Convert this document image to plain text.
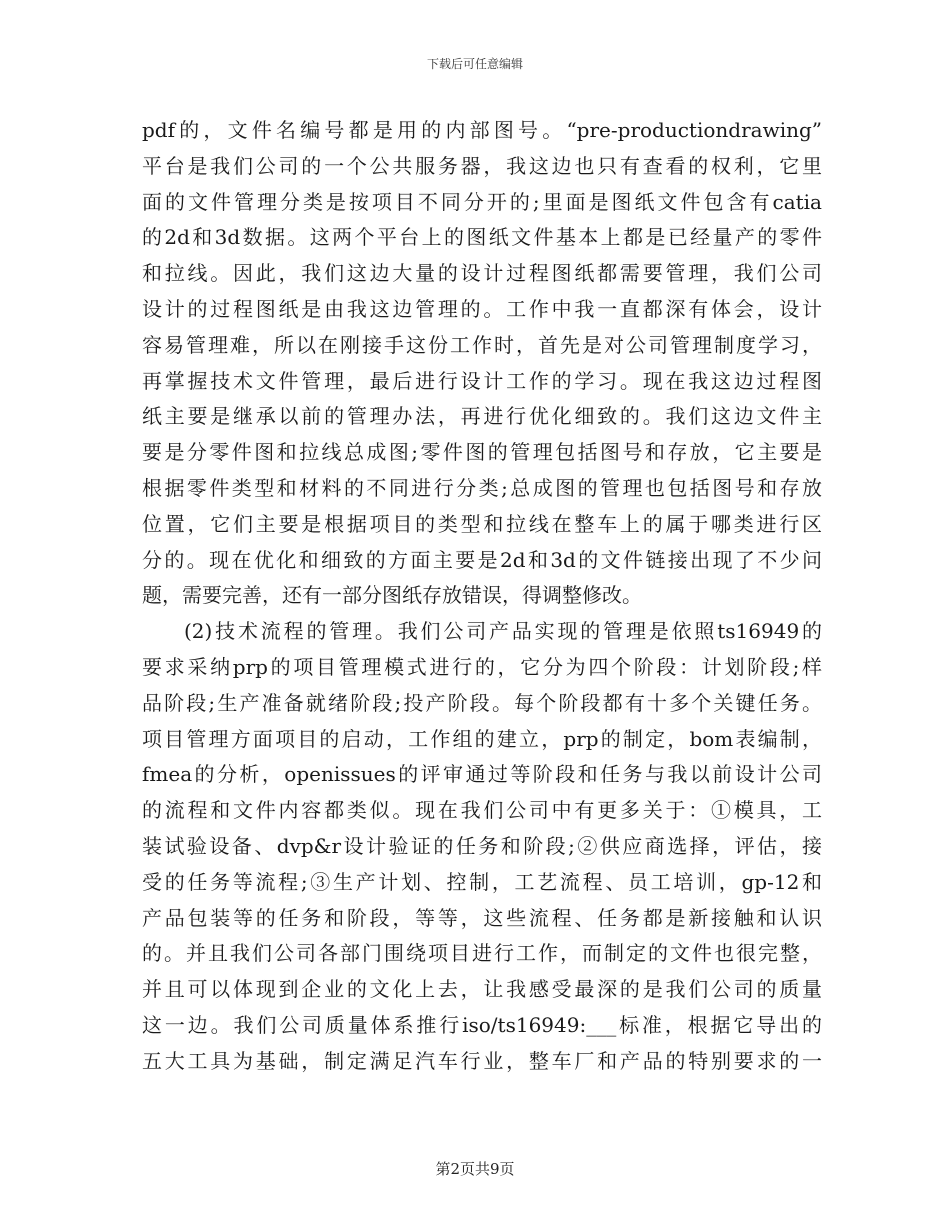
下载后可任意编辑
pdf的，文件名编号都是用的内部图号。“pre-productiondrawing”
平台是我们公司的一个公共服务器，我这边也只有查看的权利，它里
面的文件管理分类是按项目不同分开的;里面是图纸文件包含有catia
的2d和3d数据。这两个平台上的图纸文件基本上都是已经量产的零件
和拉线。因此，我们这边大量的设计过程图纸都需要管理，我们公司
设计的过程图纸是由我这边管理的。工作中我一直都深有体会，设计
容易管理难，所以在刚接手这份工作时，首先是对公司管理制度学习，
再掌握技术文件管理，最后进行设计工作的学习。现在我这边过程图
纸主要是继承以前的管理办法，再进行优化细致的。我们这边文件主
要是分零件图和拉线总成图;零件图的管理包括图号和存放，它主要是
根据零件类型和材料的不同进行分类;总成图的管理也包括图号和存放
位置，它们主要是根据项目的类型和拉线在整车上的属于哪类进行区
分的。现在优化和细致的方面主要是2d和3d的文件链接出现了不少问
题，需要完善，还有一部分图纸存放错误，得调整修改。
(2)技术流程的管理。我们公司产品实现的管理是依照ts16949的
要求采纳prp的项目管理模式进行的，它分为四个阶段：计划阶段;样
品阶段;生产准备就绪阶段;投产阶段。每个阶段都有十多个关键任务。
项目管理方面项目的启动，工作组的建立，prp的制定，bom表编制，
fmea的分析，openissues的评审通过等阶段和任务与我以前设计公司
的流程和文件内容都类似。现在我们公司中有更多关于：①模具，工
装试验设备、dvp&r设计验证的任务和阶段;②供应商选择，评估，接
受的任务等流程;③生产计划、控制，工艺流程、员工培训，gp-12和
产品包装等的任务和阶段，等等，这些流程、任务都是新接触和认识
的。并且我们公司各部门围绕项目进行工作，而制定的文件也很完整，
并且可以体现到企业的文化上去，让我感受最深的是我们公司的质量
这一边。我们公司质量体系推行iso/ts16949:___标准，根据它导出的
五大工具为基础，制定满足汽车行业，整车厂和产品的特别要求的一
第2页共9页
